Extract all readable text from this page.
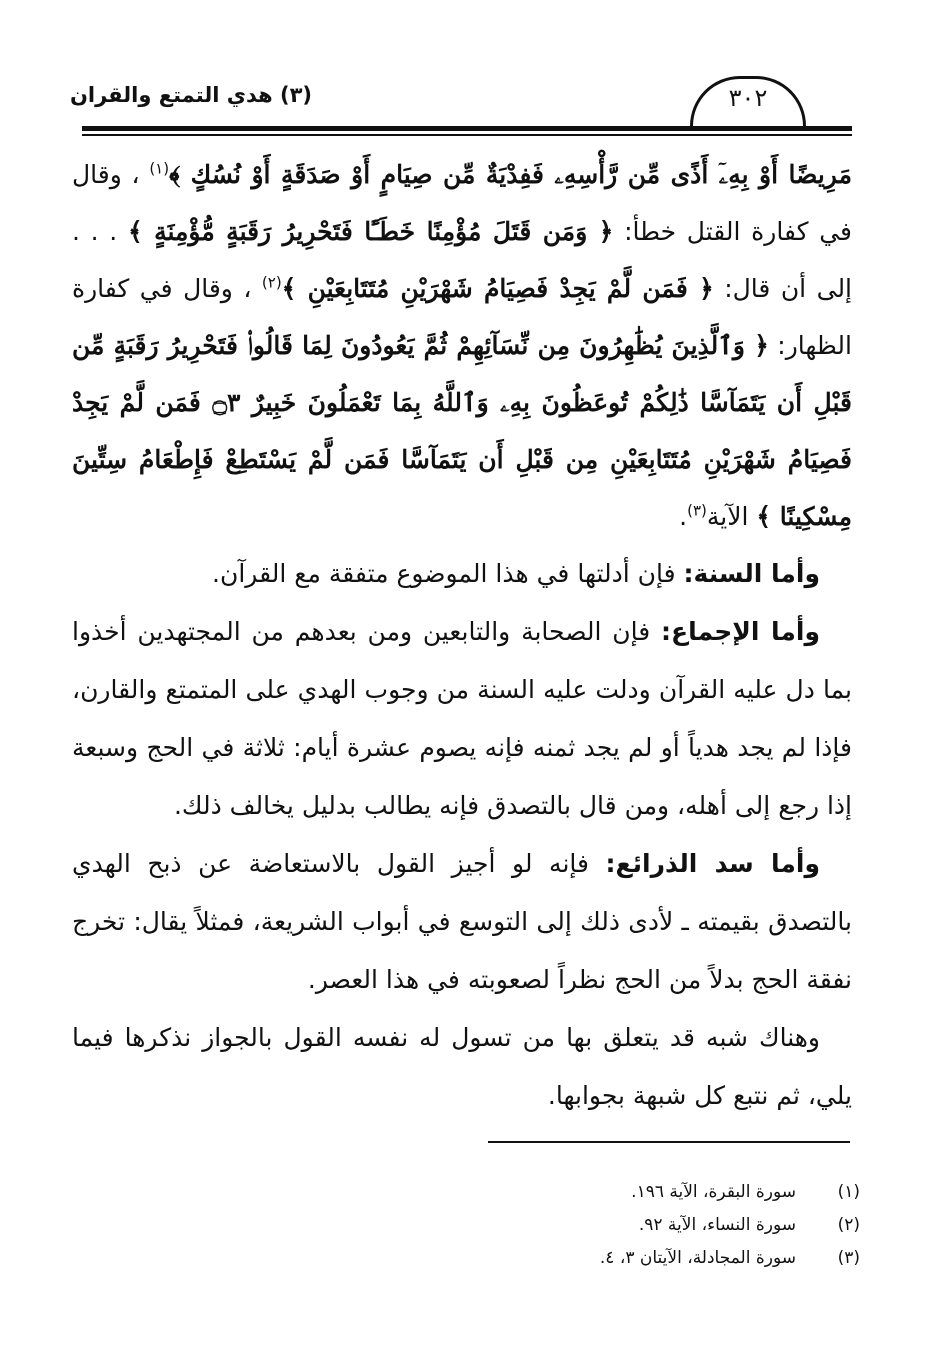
(٣) هدي التمتع والقران	٣٠٢

مَرِيضًا أَوْ بِهِۦٓ أَذًى مِّن رَّأْسِهِۦ فَفِدْيَةٌ مِّن صِيَامٍ أَوْ صَدَقَةٍ أَوْ نُسُكٍ ﴾$^{(١)}$ ، وقال في كفارة القتل خطأ: ﴿ وَمَن قَتَلَ مُؤْمِنًا خَطَـًٔا فَتَحْرِيرُ رَقَبَةٍ مُّؤْمِنَةٍ ﴾ . . . إلى أن قال: ﴿ فَمَن لَّمْ يَجِدْ فَصِيَامُ شَهْرَيْنِ مُتَتَابِعَيْنِ ﴾$^{(٢)}$ ، وقال في كفارة الظهار: ﴿ وَٱلَّذِينَ يُظَٰهِرُونَ مِن نِّسَآئِهِمْ ثُمَّ يَعُودُونَ لِمَا قَالُوا۟ فَتَحْرِيرُ رَقَبَةٍ مِّن قَبْلِ أَن يَتَمَآسَّا ذَٰلِكُمْ تُوعَظُونَ بِهِۦ وَٱللَّهُ بِمَا تَعْمَلُونَ خَبِيرٌ ۝٣ فَمَن لَّمْ يَجِدْ فَصِيَامُ شَهْرَيْنِ مُتَتَابِعَيْنِ مِن قَبْلِ أَن يَتَمَآسَّا فَمَن لَّمْ يَسْتَطِعْ فَإِطْعَامُ سِتِّينَ مِسْكِينًا ﴾ الآية$^{(٣)}$.

وأما السنة: فإن أدلتها في هذا الموضوع متفقة مع القرآن.

وأما الإجماع: فإن الصحابة والتابعين ومن بعدهم من المجتهدين أخذوا بما دل عليه القرآن ودلت عليه السنة من وجوب الهدي على المتمتع والقارن، فإذا لم يجد هدياً أو لم يجد ثمنه فإنه يصوم عشرة أيام: ثلاثة في الحج وسبعة إذا رجع إلى أهله، ومن قال بالتصدق فإنه يطالب بدليل يخالف ذلك.

وأما سد الذرائع: فإنه لو أجيز القول بالاستعاضة عن ذبح الهدي بالتصدق بقيمته ـ لأدى ذلك إلى التوسع في أبواب الشريعة، فمثلاً يقال: تخرج نفقة الحج بدلاً من الحج نظراً لصعوبته في هذا العصر.

وهناك شبه قد يتعلق بها من تسول له نفسه القول بالجواز نذكرها فيما يلي، ثم نتبع كل شبهة بجوابها.

(١)سورة البقرة، الآية ١٩٦.
(٢)سورة النساء، الآية ٩٢.
(٣)سورة المجادلة، الآيتان ٣، ٤.
